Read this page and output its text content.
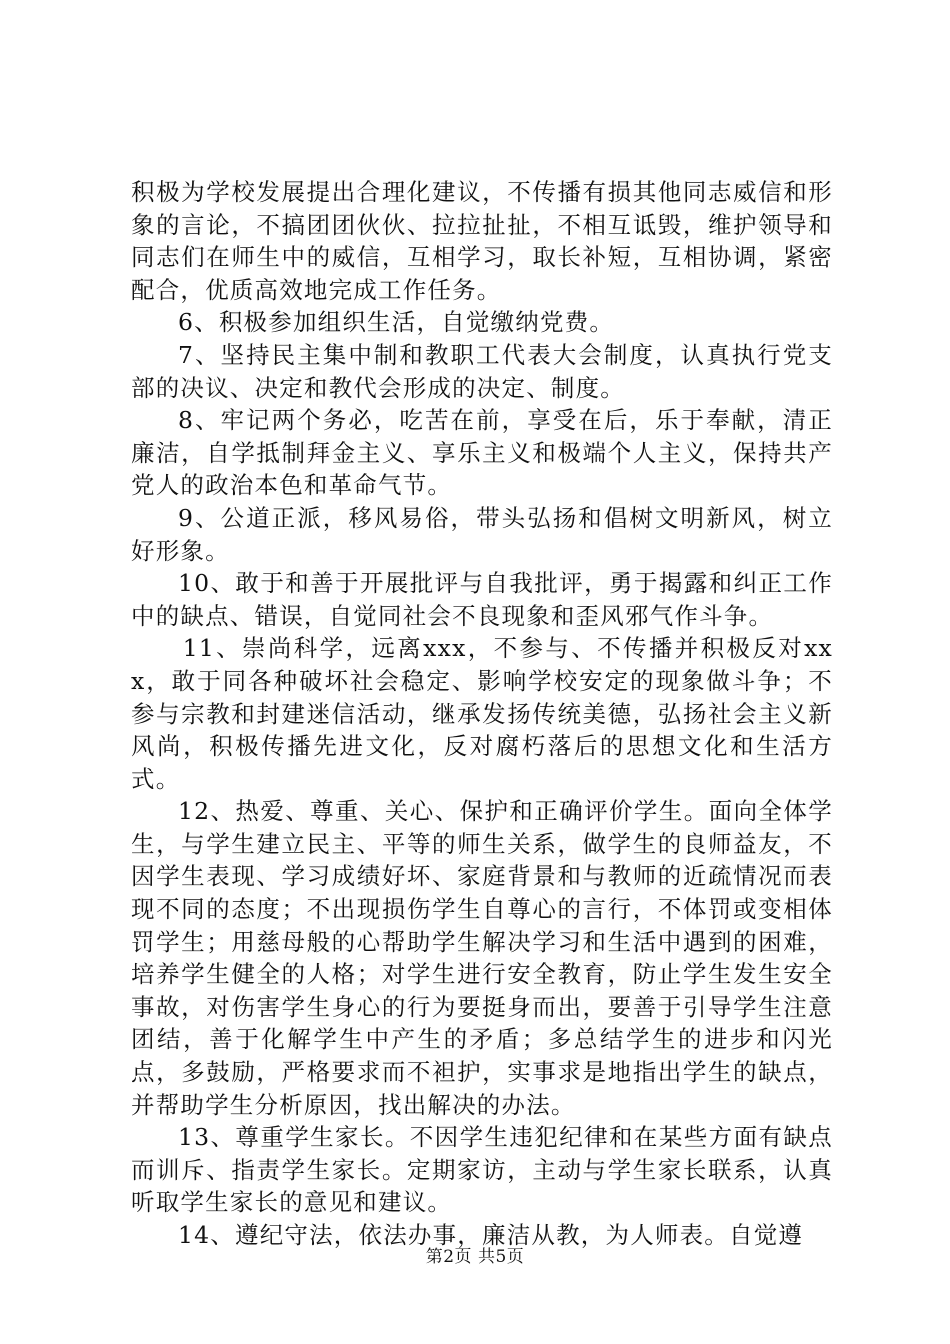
积极为学校发展提出合理化建议，不传播有损其他同志威信和形象的言论，不搞团团伙伙、拉拉扯扯，不相互诋毁，维护领导和同志们在师生中的威信，互相学习，取长补短，互相协调，紧密配合，优质高效地完成工作任务。

6、积极参加组织生活，自觉缴纳党费。

7、坚持民主集中制和教职工代表大会制度，认真执行党支部的决议、决定和教代会形成的决定、制度。

8、牢记两个务必，吃苦在前，享受在后，乐于奉献，清正廉洁，自学抵制拜金主义、享乐主义和极端个人主义，保持共产党人的政治本色和革命气节。

9、公道正派，移风易俗，带头弘扬和倡树文明新风，树立好形象。

10、敢于和善于开展批评与自我批评，勇于揭露和纠正工作中的缺点、错误，自觉同社会不良现象和歪风邪气作斗争。

11、崇尚科学，远离xxx，不参与、不传播并积极反对xxx，敢于同各种破坏社会稳定、影响学校安定的现象做斗争；不参与宗教和封建迷信活动，继承发扬传统美德，弘扬社会主义新风尚，积极传播先进文化，反对腐朽落后的思想文化和生活方式。

12、热爱、尊重、关心、保护和正确评价学生。面向全体学生，与学生建立民主、平等的师生关系，做学生的良师益友，不因学生表现、学习成绩好坏、家庭背景和与教师的近疏情况而表现不同的态度；不出现损伤学生自尊心的言行，不体罚或变相体罚学生；用慈母般的心帮助学生解决学习和生活中遇到的困难，培养学生健全的人格；对学生进行安全教育，防止学生发生安全事故，对伤害学生身心的行为要挺身而出，要善于引导学生注意团结，善于化解学生中产生的矛盾；多总结学生的进步和闪光点，多鼓励，严格要求而不袒护，实事求是地指出学生的缺点，并帮助学生分析原因，找出解决的办法。

13、尊重学生家长。不因学生违犯纪律和在某些方面有缺点而训斥、指责学生家长。定期家访，主动与学生家长联系，认真听取学生家长的意见和建议。

14、遵纪守法，依法办事，廉洁从教，为人师表。自觉遵

第2页 共5页
